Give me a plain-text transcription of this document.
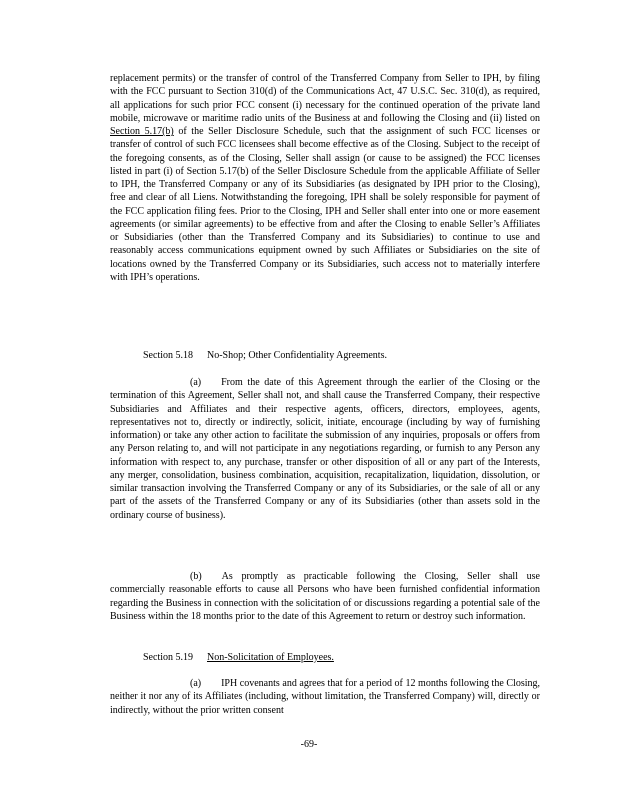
replacement permits) or the transfer of control of the Transferred Company from Seller to IPH, by filing with the FCC pursuant to Section 310(d) of the Communications Act, 47 U.S.C. Sec. 310(d), as required, all applications for such prior FCC consent (i) necessary for the continued operation of the private land mobile, microwave or maritime radio units of the Business at and following the Closing and (ii) listed on Section 5.17(b) of the Seller Disclosure Schedule, such that the assignment of such FCC licenses or transfer of control of such FCC licensees shall become effective as of the Closing. Subject to the receipt of the foregoing consents, as of the Closing, Seller shall assign (or cause to be assigned) the FCC licenses listed in part (i) of Section 5.17(b) of the Seller Disclosure Schedule from the applicable Affiliate of Seller to IPH, the Transferred Company or any of its Subsidiaries (as designated by IPH prior to the Closing), free and clear of all Liens. Notwithstanding the foregoing, IPH shall be solely responsible for payment of the FCC application filing fees. Prior to the Closing, IPH and Seller shall enter into one or more easement agreements (or similar agreements) to be effective from and after the Closing to enable Seller’s Affiliates or Subsidiaries (other than the Transferred Company and its Subsidiaries) to continue to use and reasonably access communications equipment owned by such Affiliates or Subsidiaries on the site of locations owned by the Transferred Company or its Subsidiaries, such access not to materially interfere with IPH’s operations.

Section 5.18 No-Shop; Other Confidentiality Agreements.

(a)  From the date of this Agreement through the earlier of the Closing or the termination of this Agreement, Seller shall not, and shall cause the Transferred Company, their respective Subsidiaries and Affiliates and their respective agents, officers, directors, employees, agents, representatives not to, directly or indirectly, solicit, initiate, encourage (including by way of furnishing information) or take any other action to facilitate the submission of any inquiries, proposals or offers from any Person relating to, and will not participate in any negotiations regarding, or furnish to any Person any information with respect to, any purchase, transfer or other disposition of all or any part of the Interests, any merger, consolidation, business combination, acquisition, recapitalization, liquidation, dissolution, or similar transaction involving the Transferred Company or any of its Subsidiaries, or the sale of all or any part of the assets of the Transferred Company or any of its Subsidiaries (other than assets sold in the ordinary course of business).

(b)  As promptly as practicable following the Closing, Seller shall use commercially reasonable efforts to cause all Persons who have been furnished confidential information regarding the Business in connection with the solicitation of or discussions regarding a potential sale of the Business within the 18 months prior to the date of this Agreement to return or destroy such information.

Section 5.19 Non-Solicitation of Employees.

(a)  IPH covenants and agrees that for a period of 12 months following the Closing, neither it nor any of its Affiliates (including, without limitation, the Transferred Company) will, directly or indirectly, without the prior written consent

-69-
